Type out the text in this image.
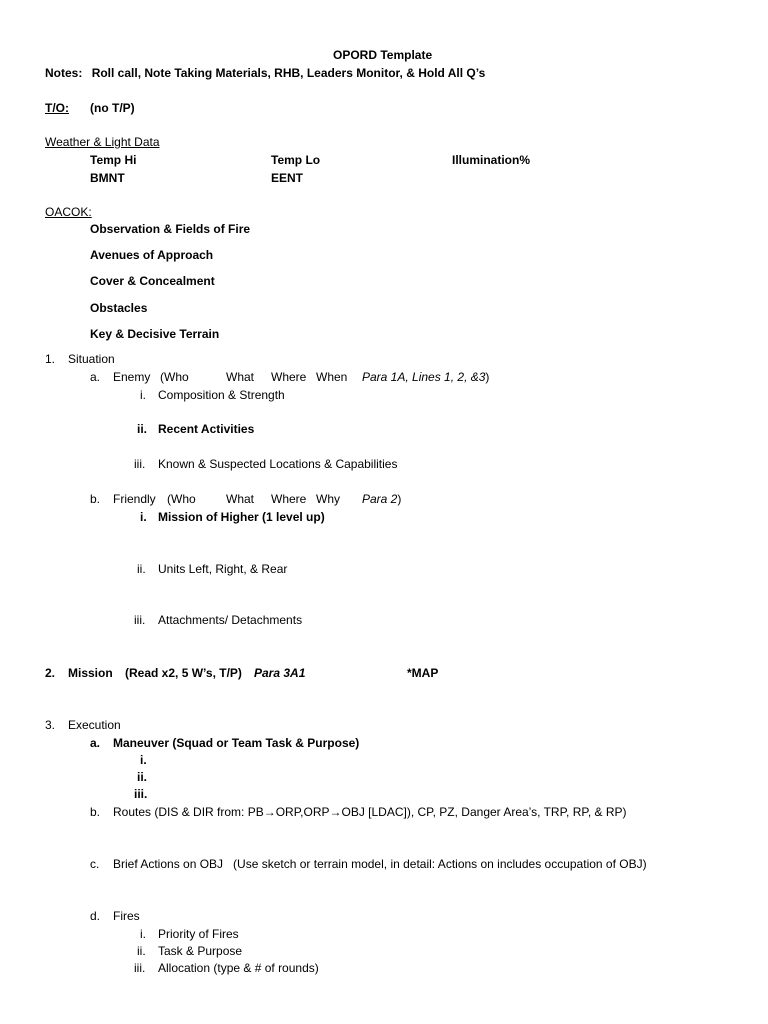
OPORD Template
Notes: Roll call, Note Taking Materials, RHB, Leaders Monitor, & Hold All Q’s
T/O: (no T/P)
Weather & Light Data
Temp Hi	Temp Lo	Illumination%
BMNT	EENT
OACOK:
Observation & Fields of Fire
Avenues of Approach
Cover & Concealment
Obstacles
Key & Decisive Terrain
1. Situation
a. Enemy (Who	What Where When Para 1A, Lines 1, 2, &3)
i. Composition & Strength
ii. Recent Activities
iii. Known & Suspected Locations & Capabilities
b. Friendly (Who	What Where Why Para 2)
i. Mission of Higher (1 level up)
ii. Units Left, Right, & Rear
iii. Attachments/ Detachments
2. Mission (Read x2, 5 W’s, T/P) Para 3A1	*MAP
3. Execution
a. Maneuver (Squad or Team Task & Purpose)
i.
ii.
iii.
b. Routes (DIS & DIR from: PB→ORP,ORP→OBJ [LDAC]), CP, PZ, Danger Area’s, TRP, RP, & RP)
c. Brief Actions on OBJ   (Use sketch or terrain model, in detail: Actions on includes occupation of OBJ)
d. Fires
i. Priority of Fires
ii. Task & Purpose
iii. Allocation (type & # of rounds)
